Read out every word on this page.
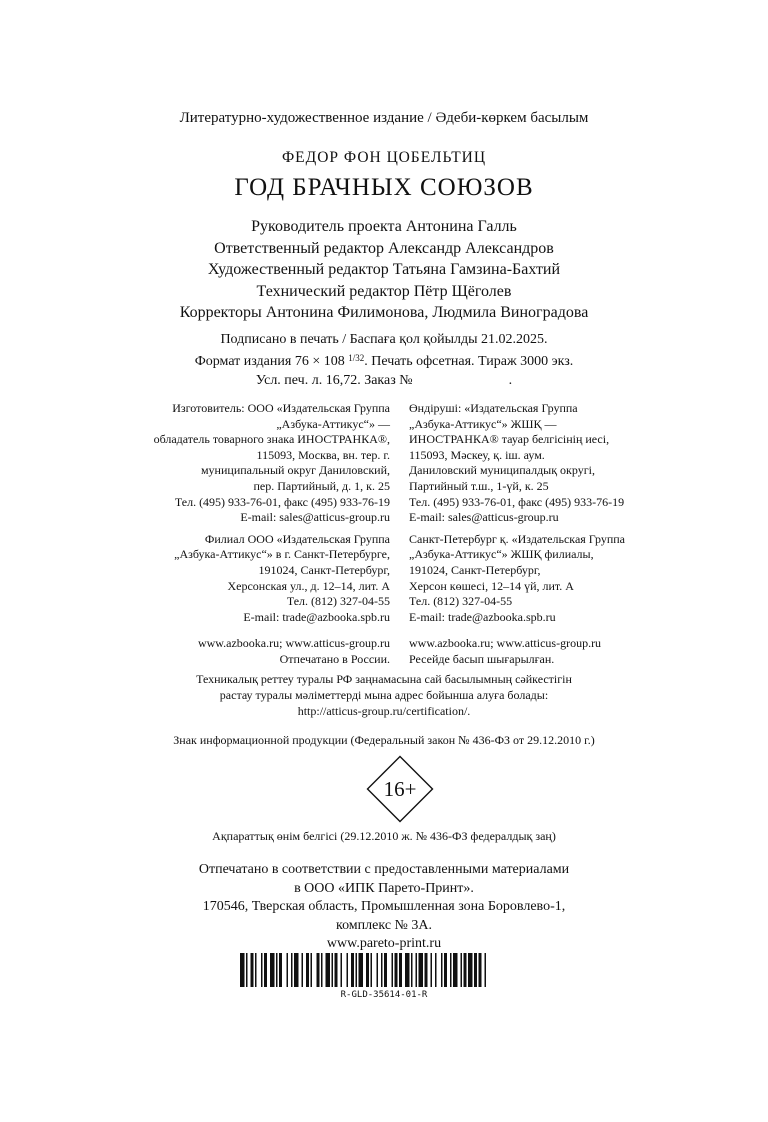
Литературно-художественное издание / Әдеби-көркем басылым
ФЕДОР ФОН ЦОБЕЛЬТИЦ
ГОД БРАЧНЫХ СОЮЗОВ
Руководитель проекта Антонина Галль
Ответственный редактор Александр Александров
Художественный редактор Татьяна Гамзина-Бахтий
Технический редактор Пётр Щёголев
Корректоры Антонина Филимонова, Людмила Виноградова
Подписано в печать / Баспаға қол қойылды 21.02.2025.
Формат издания 76 × 108 $^{1/32}$. Печать офсетная. Тираж 3000 экз.
Усл. печ. л. 16,72. Заказ №	.
Изготовитель: ООО «Издательская Группа
„Азбука-Аттикус“» —
обладатель товарного знака ИНОСТРАНКА®,
115093, Москва, вн. тер. г.
муниципальный округ Даниловский,
пер. Партийный, д. 1, к. 25
Тел. (495) 933-76-01, факс (495) 933-76-19
E-mail: sales@atticus-group.ru
Филиал ООО «Издательская Группа
„Азбука-Аттикус“» в г. Санкт-Петербурге,
191024, Санкт-Петербург,
Херсонская ул., д. 12–14, лит. А
Тел. (812) 327-04-55
E-mail: trade@azbooka.spb.ru
www.azbooka.ru; www.atticus-group.ru
Отпечатано в России.
Өндіруші: «Издательская Группа
„Азбука-Аттикус“» ЖШҚ —
ИНОСТРАНКА® тауар белгісінің иесі,
115093, Мәскеу, қ. іш. аум.
Даниловский муниципалдық округі,
Партийный т.ш., 1-үй, к. 25
Тел. (495) 933-76-01, факс (495) 933-76-19
E-mail: sales@atticus-group.ru
Санкт-Петербург қ. «Издательская Группа
„Азбука-Аттикус“» ЖШҚ филиалы,
191024, Санкт-Петербург,
Херсон көшесі, 12–14 үй, лит. А
Тел. (812) 327-04-55
E-mail: trade@azbooka.spb.ru
www.azbooka.ru; www.atticus-group.ru
Ресейде басып шығарылған.
Техникалық реттеу туралы РФ заңнамасына сай басылымның сәйкестігін
растау туралы мәліметтерді мына адрес бойынша алуға болады:
http://atticus-group.ru/certification/.
Знак информационной продукции (Федеральный закон № 436-ФЗ от 29.12.2010 г.)
16+
Ақпараттық өнім белгісі (29.12.2010 ж. № 436-ФЗ федералдық заң)
Отпечатано в соответствии с предоставленными материалами
в ООО «ИПК Парето-Принт».
170546, Тверская область, Промышленная зона Боровлево-1,
комплекс № 3А.
www.pareto-print.ru
R-GLD-35614-01-R
